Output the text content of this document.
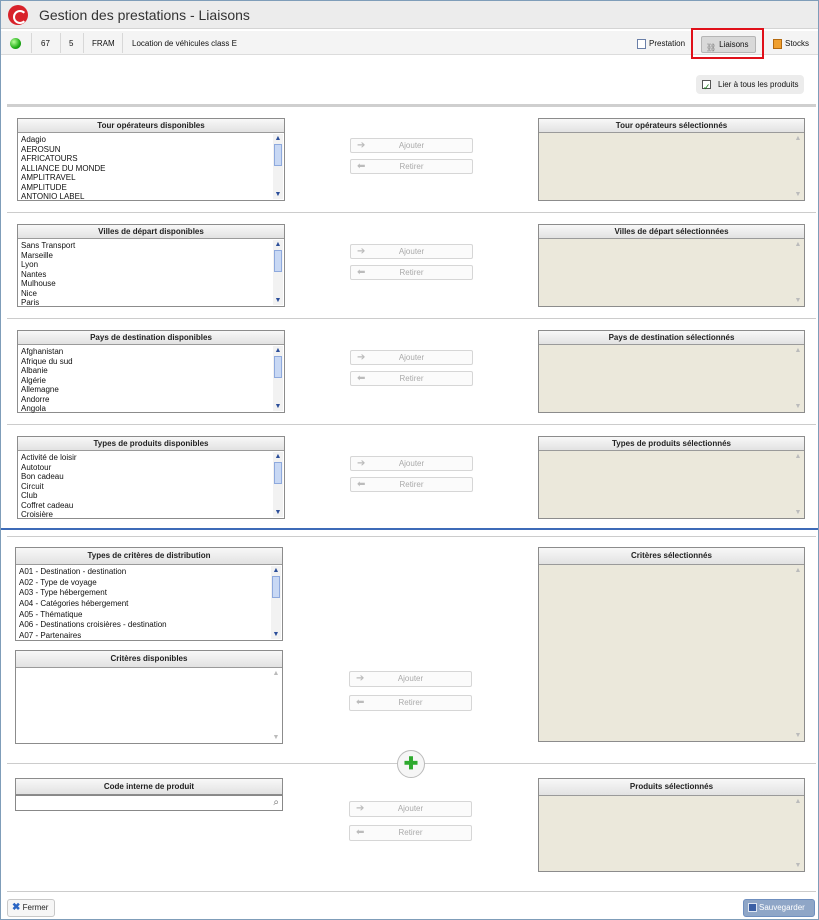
Gestion des prestations - Liaisons
67 5 FRAM Location de véhicules class E	Prestation	⛓ Liaisons	Stocks
✓
Lier à tous les produits
Tour opérateurs disponibles
Adagio
AEROSUN
AFRICATOURS
ALLIANCE DU MONDE
AMPLITRAVEL
AMPLITUDE
ANTONIO LABEL
▲
▼
➔	Ajouter
⬅	Retirer
Tour opérateurs sélectionnés
▲
▼
Villes de départ disponibles
Sans Transport
Marseille
Lyon
Nantes
Mulhouse
Nice
Paris
▲
▼
➔	Ajouter
⬅	Retirer
Villes de départ sélectionnées
▲
▼
Pays de destination disponibles
Afghanistan
Afrique du sud
Albanie
Algérie
Allemagne
Andorre
Angola
▲
▼
➔	Ajouter
⬅	Retirer
Pays de destination sélectionnés
▲
▼
Types de produits disponibles
Activité de loisir
Autotour
Bon cadeau
Circuit
Club
Coffret cadeau
Croisière
▲
▼
➔	Ajouter
⬅	Retirer
Types de produits sélectionnés
▲
▼
Types de critères de distribution
A01 - Destination - destination
A02 - Type de voyage
A03 - Type hébergement
A04 - Catégories hébergement
A05 - Thématique
A06 - Destinations croisières - destination
A07 - Partenaires
▲
▼
Critères disponibles
▲
▼
➔	Ajouter
⬅	Retirer
Critères sélectionnés
▲
▼
✚
Code interne de produit
⌕
➔	Ajouter
⬅	Retirer
Produits sélectionnés
▲
▼
✖ Fermer	Sauvegarder
